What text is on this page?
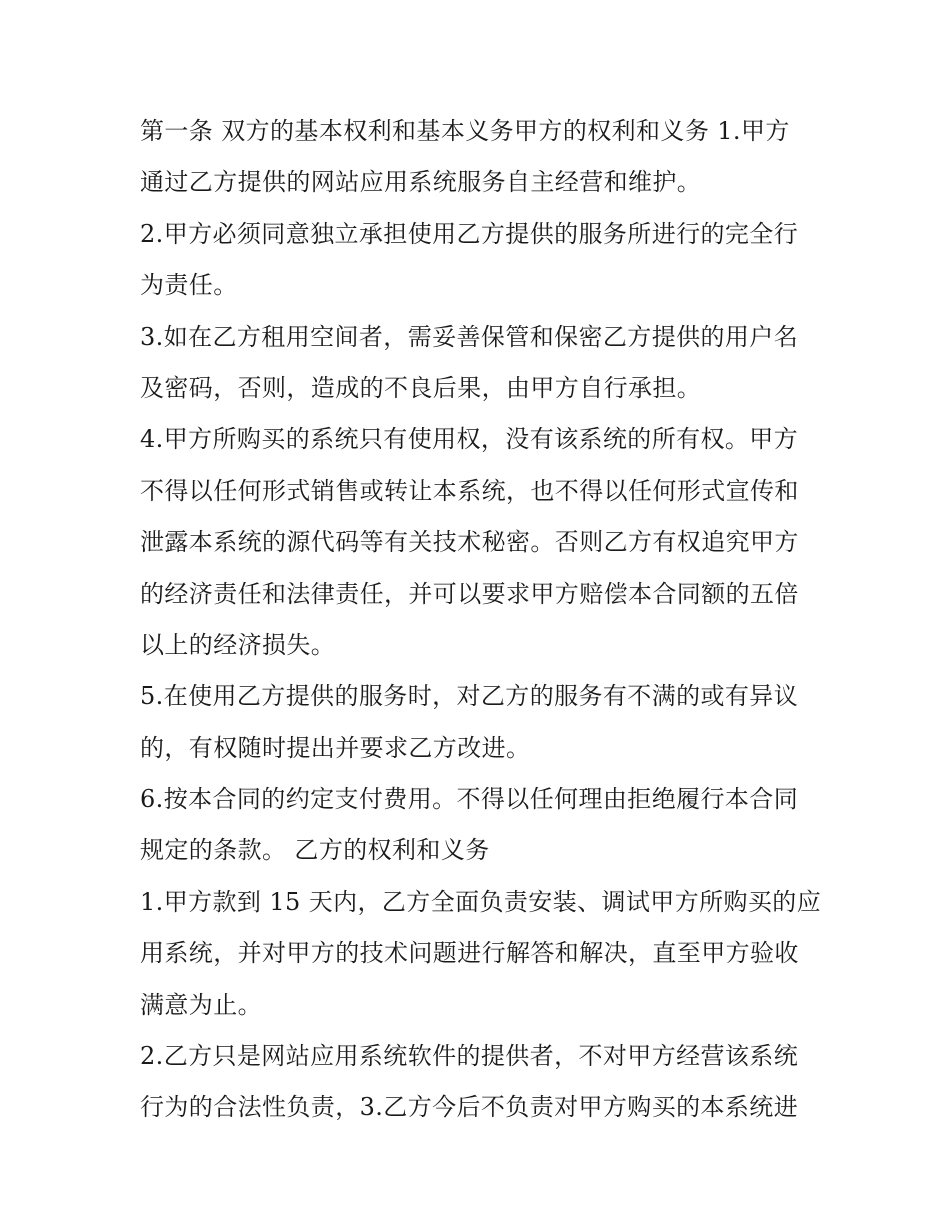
第一条 双方的基本权利和基本义务甲方的权利和义务 1.甲方
通过乙方提供的网站应用系统服务自主经营和维护。
2.甲方必须同意独立承担使用乙方提供的服务所进行的完全行
为责任。
3.如在乙方租用空间者，需妥善保管和保密乙方提供的用户名
及密码，否则，造成的不良后果，由甲方自行承担。
4.甲方所购买的系统只有使用权，没有该系统的所有权。甲方
不得以任何形式销售或转让本系统，也不得以任何形式宣传和
泄露本系统的源代码等有关技术秘密。否则乙方有权追究甲方
的经济责任和法律责任，并可以要求甲方赔偿本合同额的五倍
以上的经济损失。
5.在使用乙方提供的服务时，对乙方的服务有不满的或有异议
的，有权随时提出并要求乙方改进。
6.按本合同的约定支付费用。不得以任何理由拒绝履行本合同
规定的条款。 乙方的权利和义务
1.甲方款到 15 天内，乙方全面负责安装、调试甲方所购买的应
用系统，并对甲方的技术问题进行解答和解决，直至甲方验收
满意为止。
2.乙方只是网站应用系统软件的提供者，不对甲方经营该系统
行为的合法性负责，3.乙方今后不负责对甲方购买的本系统进
